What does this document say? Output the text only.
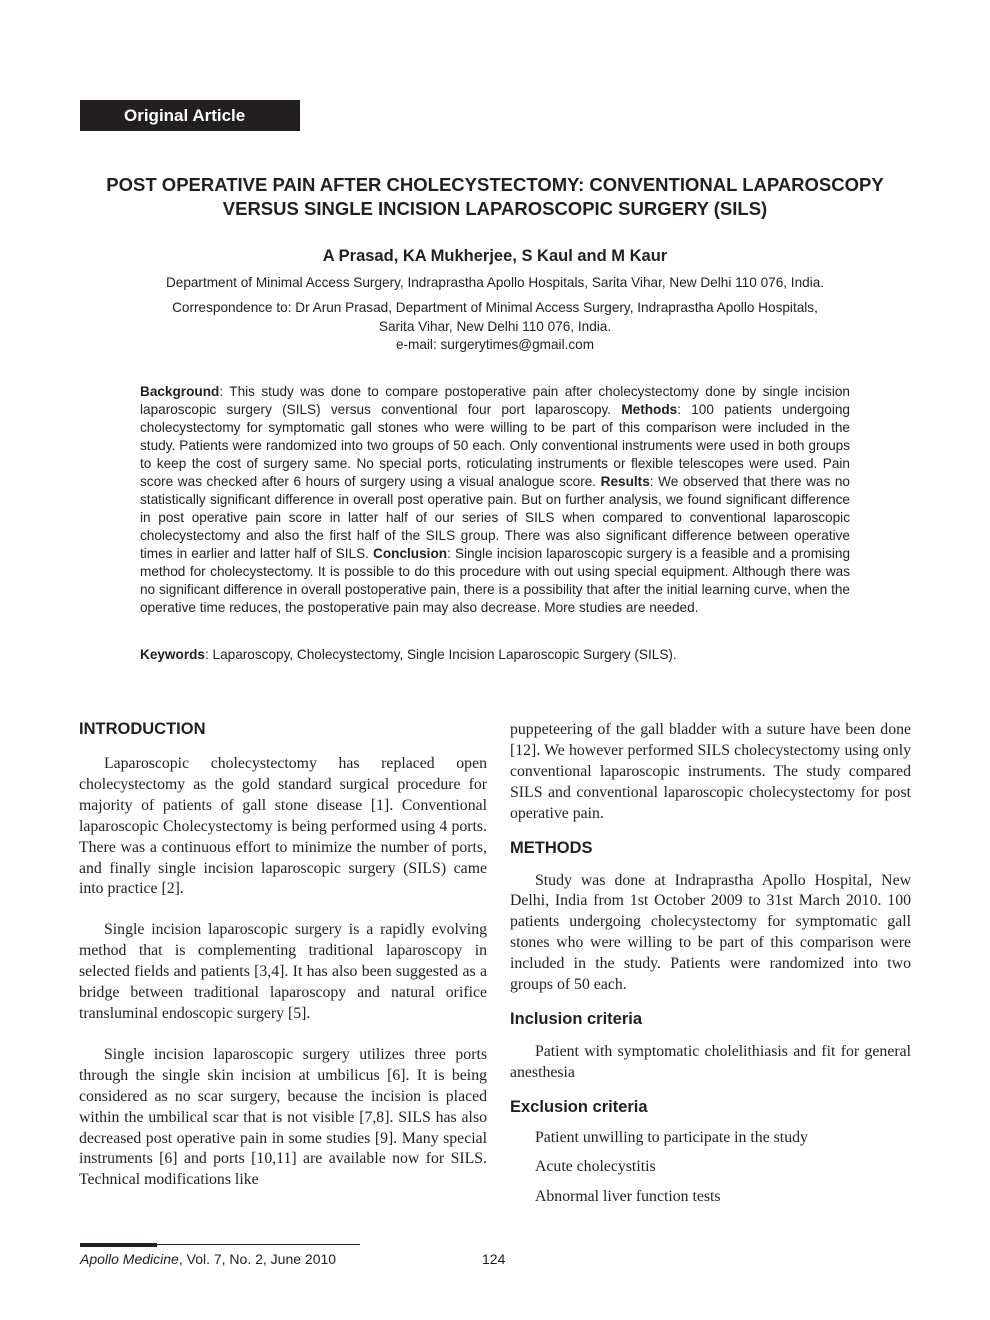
Original Article
POST OPERATIVE PAIN AFTER CHOLECYSTECTOMY: CONVENTIONAL LAPAROSCOPY
VERSUS SINGLE INCISION LAPAROSCOPIC SURGERY (SILS)
A Prasad, KA Mukherjee, S Kaul and M Kaur
Department of Minimal Access Surgery, Indraprastha Apollo Hospitals, Sarita Vihar, New Delhi 110 076, India.
Correspondence to: Dr Arun Prasad, Department of Minimal Access Surgery, Indraprastha Apollo Hospitals,
Sarita Vihar, New Delhi 110 076, India.
e-mail: surgerytimes@gmail.com

Background: This study was done to compare postoperative pain after cholecystectomy done by single incision laparoscopic surgery (SILS) versus conventional four port laparoscopy. Methods: 100 patients undergoing cholecystectomy for symptomatic gall stones who were willing to be part of this comparison were included in the study. Patients were randomized into two groups of 50 each. Only conventional instruments were used in both groups to keep the cost of surgery same. No special ports, roticulating instruments or flexible telescopes were used. Pain score was checked after 6 hours of surgery using a visual analogue score. Results: We observed that there was no statistically significant difference in overall post operative pain. But on further analysis, we found significant difference in post operative pain score in latter half of our series of SILS when compared to conventional laparoscopic cholecystectomy and also the first half of the SILS group. There was also significant difference between operative times in earlier and latter half of SILS. Conclusion: Single incision laparoscopic surgery is a feasible and a promising method for cholecystectomy. It is possible to do this procedure with out using special equipment. Although there was no significant difference in overall postoperative pain, there is a possibility that after the initial learning curve, when the operative time reduces, the postoperative pain may also decrease. More studies are needed.

Keywords: Laparoscopy, Cholecystectomy, Single Incision Laparoscopic Surgery (SILS).

INTRODUCTION

Laparoscopic cholecystectomy has replaced open cholecystectomy as the gold standard surgical procedure for majority of patients of gall stone disease [1]. Conventional laparoscopic Cholecystectomy is being performed using 4 ports. There was a continuous effort to minimize the number of ports, and finally single incision laparoscopic surgery (SILS) came into practice [2].

Single incision laparoscopic surgery is a rapidly evolving method that is complementing traditional laparoscopy in selected fields and patients [3,4]. It has also been suggested as a bridge between traditional laparoscopy and natural orifice transluminal endoscopic surgery [5].

Single incision laparoscopic surgery utilizes three ports through the single skin incision at umbilicus [6]. It is being considered as no scar surgery, because the incision is placed within the umbilical scar that is not visible [7,8]. SILS has also decreased post operative pain in some studies [9]. Many special instruments [6] and ports [10,11] are available now for SILS. Technical modifications like

puppeteering of the gall bladder with a suture have been done [12]. We however performed SILS cholecystectomy using only conventional laparoscopic instruments. The study compared SILS and conventional laparoscopic cholecystectomy for post operative pain.

METHODS

Study was done at Indraprastha Apollo Hospital, New Delhi, India from 1st October 2009 to 31st March 2010. 100 patients undergoing cholecystectomy for symptomatic gall stones who were willing to be part of this comparison were included in the study. Patients were randomized into two groups of 50 each.

Inclusion criteria

Patient with symptomatic cholelithiasis and fit for general anesthesia

Exclusion criteria

Patient unwilling to participate in the study

Acute cholecystitis

Abnormal liver function tests

Apollo Medicine, Vol. 7, No. 2, June 2010	124
